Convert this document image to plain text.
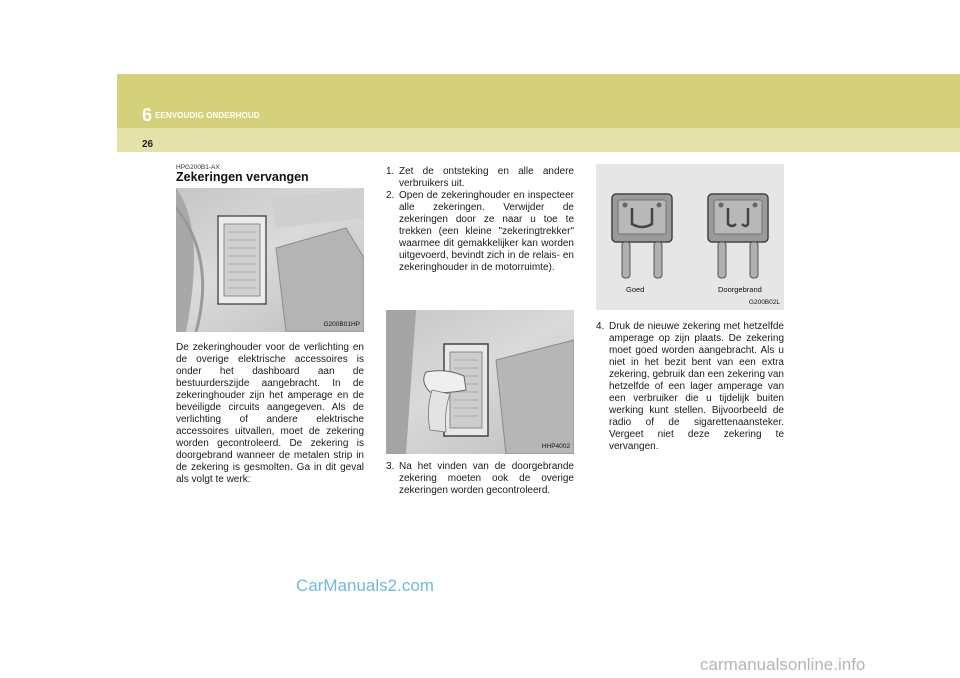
6 EENVOUDIG ONDERHOUD
26
HPG200B1-AX
Zekeringen vervangen
G200B01HP
De zekeringhouder voor de verlichting en de overige elektrische accessoires is onder het dashboard aan de bestuurderszijde aangebracht. In de zekeringhouder zijn het amperage en de beveiligde circuits aangegeven. Als de verlichting of andere elektrische accessoires uitvallen, moet de zekering worden gecontroleerd. De zekering is doorgebrand wanneer de metalen strip in de zekering is gesmolten. Ga in dit geval als volgt te werk:
1. Zet de ontsteking en alle andere verbruikers uit.
2. Open de zekeringhouder en inspecteer alle zekeringen. Verwijder de zekeringen door ze naar u toe te trekken (een kleine "zekeringtrekker" waarmee dit gemakkelijker kan worden uitgevoerd, bevindt zich in de relais- en zekeringhouder in de motorruimte).
HHP4002
3. Na het vinden van de doorgebrande zekering moeten ook de overige zekeringen worden gecontroleerd.
Goed	Doorgebrand
G200B02L
4. Druk de nieuwe zekering met hetzelfde amperage op zijn plaats. De zekering moet goed worden aangebracht. Als u niet in het bezit bent van een extra zekering, gebruik dan een zekering van hetzelfde of een lager amperage van een verbruiker die u tijdelijk buiten werking kunt stellen. Bijvoorbeeld de radio of de sigarettenaansteker. Vergeet niet deze zekering te vervangen.
CarManuals2.com
carmanualsonline.info
